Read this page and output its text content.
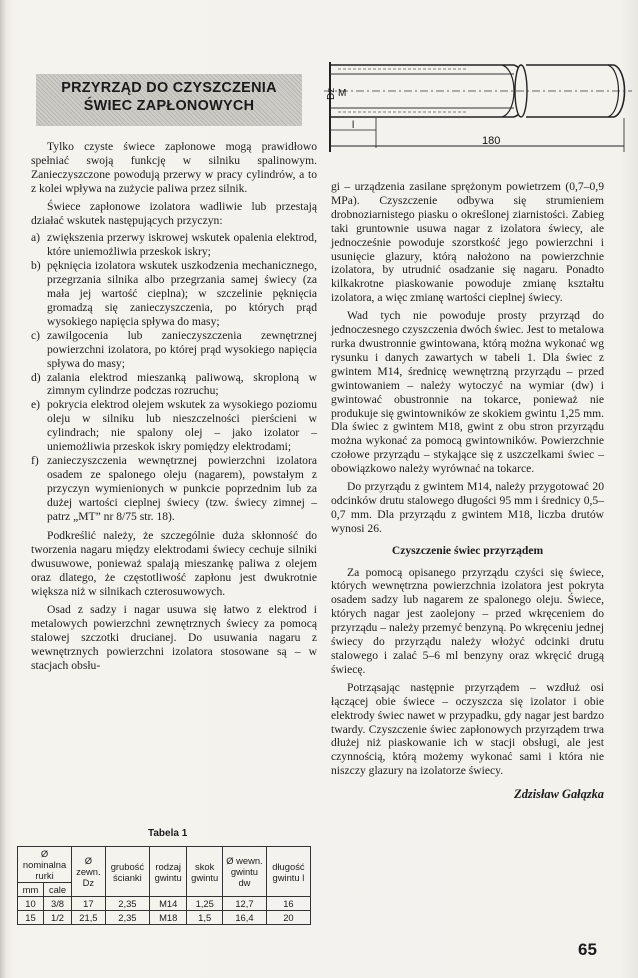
PRZYRZĄD DO CZYSZCZENIA
ŚWIEC ZAPŁONOWYCH
Dz M
l
180

Tylko czyste świece zapłonowe mogą prawidłowo spełniać swoją funkcję w silniku spalinowym. Zanieczyszczone powodują przerwy w pracy cylindrów, a to z kolei wpływa na zużycie paliwa przez silnik.

Świece zapłonowe izolatora wadliwie lub przestają działać wskutek następujących przyczyn:

a) zwiększenia przerwy iskrowej wskutek opalenia elektrod, które uniemożliwia przeskok iskry;
b) pęknięcia izolatora wskutek uszkodzenia mechanicznego, przegrzania silnika albo przegrzania samej świecy (za mała jej wartość cieplna); w szczelinie pęknięcia gromadzą się zanieczyszczenia, po których prąd wysokiego napięcia spływa do masy;
c) zawilgocenia lub zanieczyszczenia zewnętrznej powierzchni izolatora, po której prąd wysokiego napięcia spływa do masy;
d) zalania elektrod mieszanką paliwową, skroploną w zimnym cylindrze podczas rozruchu;
e) pokrycia elektrod olejem wskutek za wysokiego poziomu oleju w silniku lub nieszczelności pierścieni w cylindrach; nie spalony olej – jako izolator – uniemożliwia przeskok iskry pomiędzy elektrodami;
f) zanieczyszczenia wewnętrznej powierzchni izolatora osadem ze spalonego oleju (nagarem), powstałym z przyczyn wymienionych w punkcie poprzednim lub za dużej wartości cieplnej świecy (tzw. świecy zimnej – patrz „MT” nr 8/75 str. 18).

Podkreślić należy, że szczególnie duża skłonność do tworzenia nagaru między elektrodami świecy cechuje silniki dwusuwowe, ponieważ spalają mieszankę paliwa z olejem oraz dlatego, że częstotliwość zapłonu jest dwukrotnie większa niż w silnikach czterosuwowych.

Osad z sadzy i nagar usuwa się łatwo z elektrod i metalowych powierzchni zewnętrznych świecy za pomocą stalowej szczotki drucianej. Do usuwania nagaru z wewnętrznych powierzchni izolatora stosowane są – w stacjach obsłu-

Tabela 1
Ø nominalna rurki		Ø zewn. Dz	grubość ścianki	rodzaj gwintu	skok gwintu	Ø wewn. gwintu dw	długość gwintu l
mm	cale						
10	3/8	17	2,35	M14	1,25	12,7	16
15	1/2	21,5	2,35	M18	1,5	16,4	20

gi – urządzenia zasilane sprężonym powietrzem (0,7–0,9 MPa). Czyszczenie odbywa się strumieniem drobnoziarnistego piasku o określonej ziarnistości. Zabieg taki gruntownie usuwa nagar z izolatora świecy, ale jednocześnie powoduje szorstkość jego powierzchni i usunięcie glazury, którą nałożono na powierzchnie izolatora, by utrudnić osadzanie się nagaru. Ponadto kilkakrotne piaskowanie powoduje zmianę kształtu izolatora, a więc zmianę wartości cieplnej świecy.

Wad tych nie powoduje prosty przyrząd do jednoczesnego czyszczenia dwóch świec. Jest to metalowa rurka dwustronnie gwintowana, którą można wykonać wg rysunku i danych zawartych w tabeli 1. Dla świec z gwintem M14, średnicę wewnętrzną przyrządu – przed gwintowaniem – należy wytoczyć na wymiar (dw) i gwintować obustronnie na tokarce, ponieważ nie produkuje się gwintowników ze skokiem gwintu 1,25 mm. Dla świec z gwintem M18, gwint z obu stron przyrządu można wykonać za pomocą gwintowników. Powierzchnie czołowe przyrządu – stykające się z uszczelkami świec – obowiązkowo należy wyrównać na tokarce.

Do przyrządu z gwintem M14, należy przygotować 20 odcinków drutu stalowego długości 95 mm i średnicy 0,5–0,7 mm. Dla przyrządu z gwintem M18, liczba drutów wynosi 26.

Czyszczenie świec przyrządem

Za pomocą opisanego przyrządu czyści się świece, których wewnętrzna powierzchnia izolatora jest pokryta osadem sadzy lub nagarem ze spalonego oleju. Świece, których nagar jest zaolejony – przed wkręceniem do przyrządu – należy przemyć benzyną. Po wkręceniu jednej świecy do przyrządu należy włożyć odcinki drutu stalowego i zalać 5–6 ml benzyny oraz wkręcić drugą świecę.

Potrząsając następnie przyrządem – wzdłuż osi łączącej obie świece – oczyszcza się izolator i obie elektrody świec nawet w przypadku, gdy nagar jest bardzo twardy. Czyszczenie świec zapłonowych przyrządem trwa dłużej niż piaskowanie ich w stacji obsługi, ale jest czynnością, którą możemy wykonać sami i która nie niszczy glazury na izolatorze świecy.

Zdzisław Gałązka

65
